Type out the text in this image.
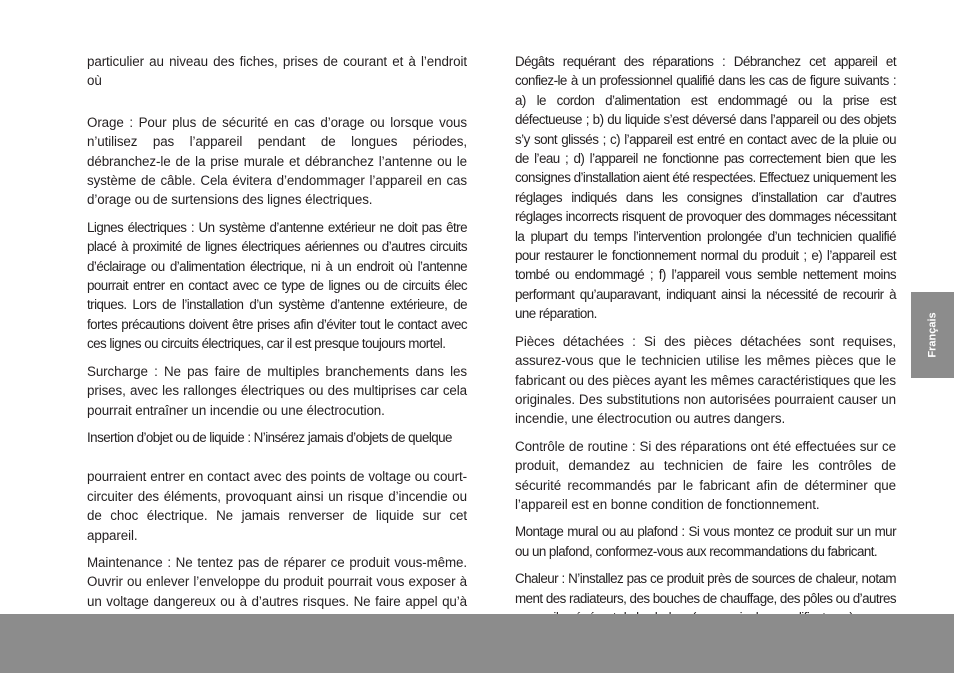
particulier au niveau des fiches, prises de courant et à l’endroit où

Orage : Pour plus de sécurité en cas d’orage ou lorsque vous n’utilisez pas l’appareil pendant de longues périodes, débranchez-le de la prise murale et débranchez l’antenne ou le système de câble. Cela évitera d’endommager l’appareil en cas d’orage ou de surtensions des lignes électriques.

Lignes électriques : Un système d’antenne extérieur ne doit pas être placé à proximité de lignes électriques aériennes ou d’autres circuits d’éclairage ou d’alimentation électrique, ni à un endroit où l’antenne pourrait entrer en contact avec ce type de lignes ou de circuits élec triques. Lors de l’installation d’un système d’antenne extérieure, de fortes précautions doivent être prises afin d’éviter tout le contact avec ces lignes ou circuits électriques, car il est presque toujours mortel.

Surcharge : Ne pas faire de multiples branchements dans les prises, avec les rallonges électriques ou des multiprises car cela pourrait entraîner un incendie ou une électrocution.

Insertion d’objet ou de liquide : N’insérez jamais d’objets de quelque

pourraient entrer en contact avec des points de voltage ou court-circuiter des éléments, provoquant ainsi un risque d’incendie ou de choc électrique. Ne jamais renverser de liquide sur cet appareil.

Maintenance : Ne tentez pas de réparer ce produit vous-même. Ouvrir ou enlever l’enveloppe du produit pourrait vous exposer à un voltage dangereux ou à d’autres risques. Ne faire appel qu’à

Dégâts requérant des réparations : Débranchez cet appareil et confiez-le à un professionnel qualifié dans les cas de figure suivants : a) le cordon d’alimentation est endommagé ou la prise est défectueuse ; b) du liquide s’est déversé dans l’appareil ou des objets s’y sont glissés ; c) l’appareil est entré en contact avec de la pluie ou de l’eau ; d) l’appareil ne fonctionne pas correctement bien que les consignes d’installation aient été respectées. Effectuez uniquement les réglages indiqués dans les consignes d’installation car d’autres réglages incorrects risquent de provoquer des dommages nécessitant la plupart du temps l’intervention prolongée d’un technicien qualifié pour restaurer le fonctionnement normal du produit ; e) l’appareil est tombé ou endommagé ; f) l’appareil vous semble nettement moins performant qu’auparavant, indiquant ainsi la nécessité de recourir à une réparation.

Pièces détachées : Si des pièces détachées sont requises, assurez-vous que le technicien utilise les mêmes pièces que le fabricant ou des pièces ayant les mêmes caractéristiques que les originales. Des substitutions non autorisées pourraient causer un incendie, une électrocution ou autres dangers.

Contrôle de routine : Si des réparations ont été effectuées sur ce produit, demandez au technicien de faire les contrôles de sécurité recommandés par le fabricant afin de déterminer que l’appareil est en bonne condition de fonctionnement.

Montage mural ou au plafond : Si vous montez ce produit sur un mur ou un plafond, conformez-vous aux recommandations du fabricant.

Chaleur : N’installez pas ce produit près de sources de chaleur, notam ment des radiateurs, des bouches de chauffage, des pôles ou d’autres

Français
